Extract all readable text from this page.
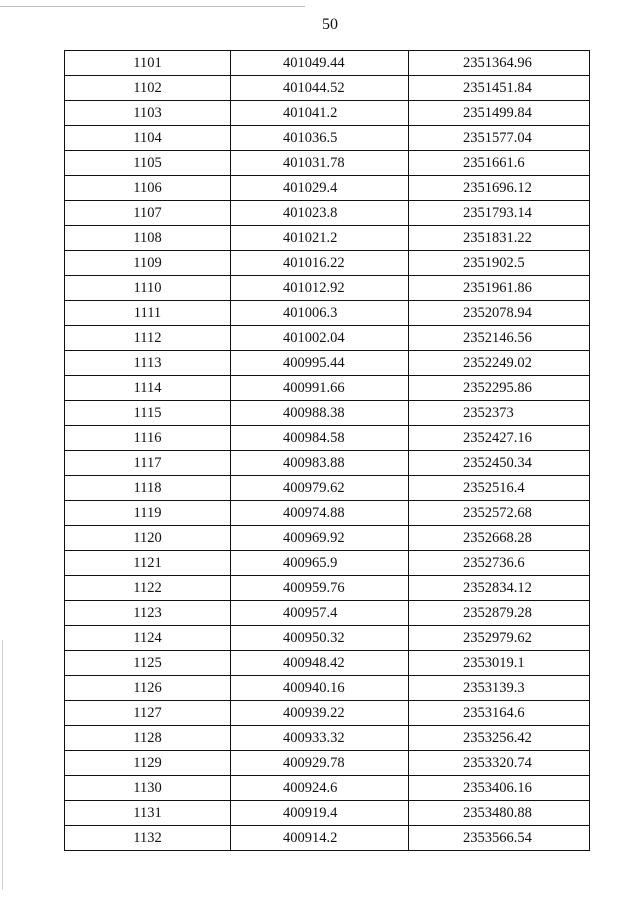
50
1101	401049.44	2351364.96
1102	401044.52	2351451.84
1103	401041.2	2351499.84
1104	401036.5	2351577.04
1105	401031.78	2351661.6
1106	401029.4	2351696.12
1107	401023.8	2351793.14
1108	401021.2	2351831.22
1109	401016.22	2351902.5
1110	401012.92	2351961.86
1111	401006.3	2352078.94
1112	401002.04	2352146.56
1113	400995.44	2352249.02
1114	400991.66	2352295.86
1115	400988.38	2352373
1116	400984.58	2352427.16
1117	400983.88	2352450.34
1118	400979.62	2352516.4
1119	400974.88	2352572.68
1120	400969.92	2352668.28
1121	400965.9	2352736.6
1122	400959.76	2352834.12
1123	400957.4	2352879.28
1124	400950.32	2352979.62
1125	400948.42	2353019.1
1126	400940.16	2353139.3
1127	400939.22	2353164.6
1128	400933.32	2353256.42
1129	400929.78	2353320.74
1130	400924.6	2353406.16
1131	400919.4	2353480.88
1132	400914.2	2353566.54
